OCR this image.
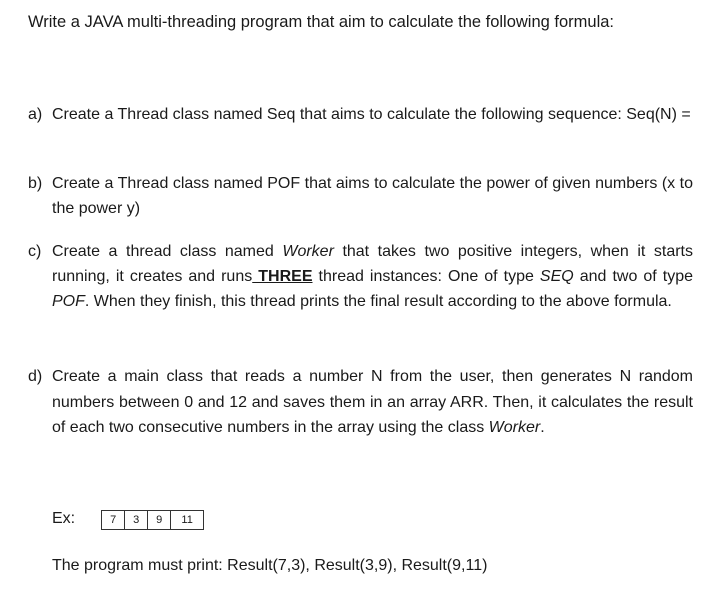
Write a JAVA multi-threading program that aim to calculate the following formula:

a) Create a Thread class named Seq that aims to calculate the following sequence: Seq(N) =
b) Create a Thread class named POF that aims to calculate the power of given numbers (x to the power y)
c) Create a thread class named Worker that takes two positive integers, when it starts running, it creates and runs THREE thread instances: One of type SEQ and two of type POF. When they finish, this thread prints the final result according to the above formula.
d) Create a main class that reads a number N from the user, then generates N random numbers between 0 and 12 and saves them in an array ARR. Then, it calculates the result of each two consecutive numbers in the array using the class Worker.
Ex:	7	3	9	11
The program must print: Result(7,3), Result(3,9), Result(9,11)
